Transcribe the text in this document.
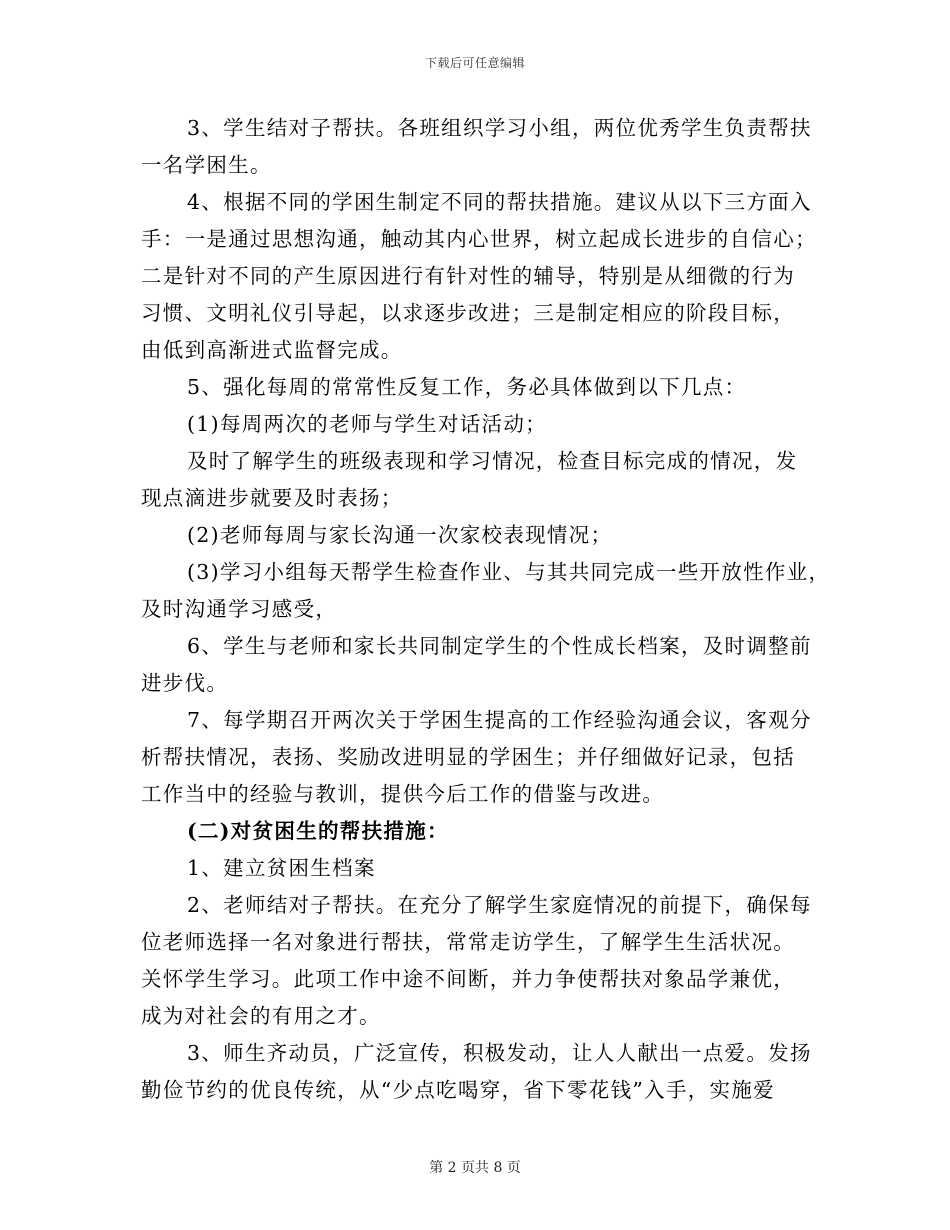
下载后可任意编辑
3、学生结对子帮扶。各班组织学习小组，两位优秀学生负责帮扶
一名学困生。
4、根据不同的学困生制定不同的帮扶措施。建议从以下三方面入
手：一是通过思想沟通，触动其内心世界，树立起成长进步的自信心；
二是针对不同的产生原因进行有针对性的辅导，特别是从细微的行为
习惯、文明礼仪引导起，以求逐步改进；三是制定相应的阶段目标，
由低到高渐进式监督完成。
5、强化每周的常常性反复工作，务必具体做到以下几点：
(1)每周两次的老师与学生对话活动；
及时了解学生的班级表现和学习情况，检查目标完成的情况，发
现点滴进步就要及时表扬；
(2)老师每周与家长沟通一次家校表现情况；
(3)学习小组每天帮学生检查作业、与其共同完成一些开放性作业，
及时沟通学习感受，
6、学生与老师和家长共同制定学生的个性成长档案，及时调整前
进步伐。
7、每学期召开两次关于学困生提高的工作经验沟通会议，客观分
析帮扶情况，表扬、奖励改进明显的学困生；并仔细做好记录，包括
工作当中的经验与教训，提供今后工作的借鉴与改进。
(二)对贫困生的帮扶措施：
1、建立贫困生档案
2、老师结对子帮扶。在充分了解学生家庭情况的前提下，确保每
位老师选择一名对象进行帮扶，常常走访学生，了解学生生活状况。
关怀学生学习。此项工作中途不间断，并力争使帮扶对象品学兼优，
成为对社会的有用之才。
3、师生齐动员，广泛宣传，积极发动，让人人献出一点爱。发扬
勤俭节约的优良传统，从“少点吃喝穿，省下零花钱”入手，实施爱
第 2 页共 8 页
